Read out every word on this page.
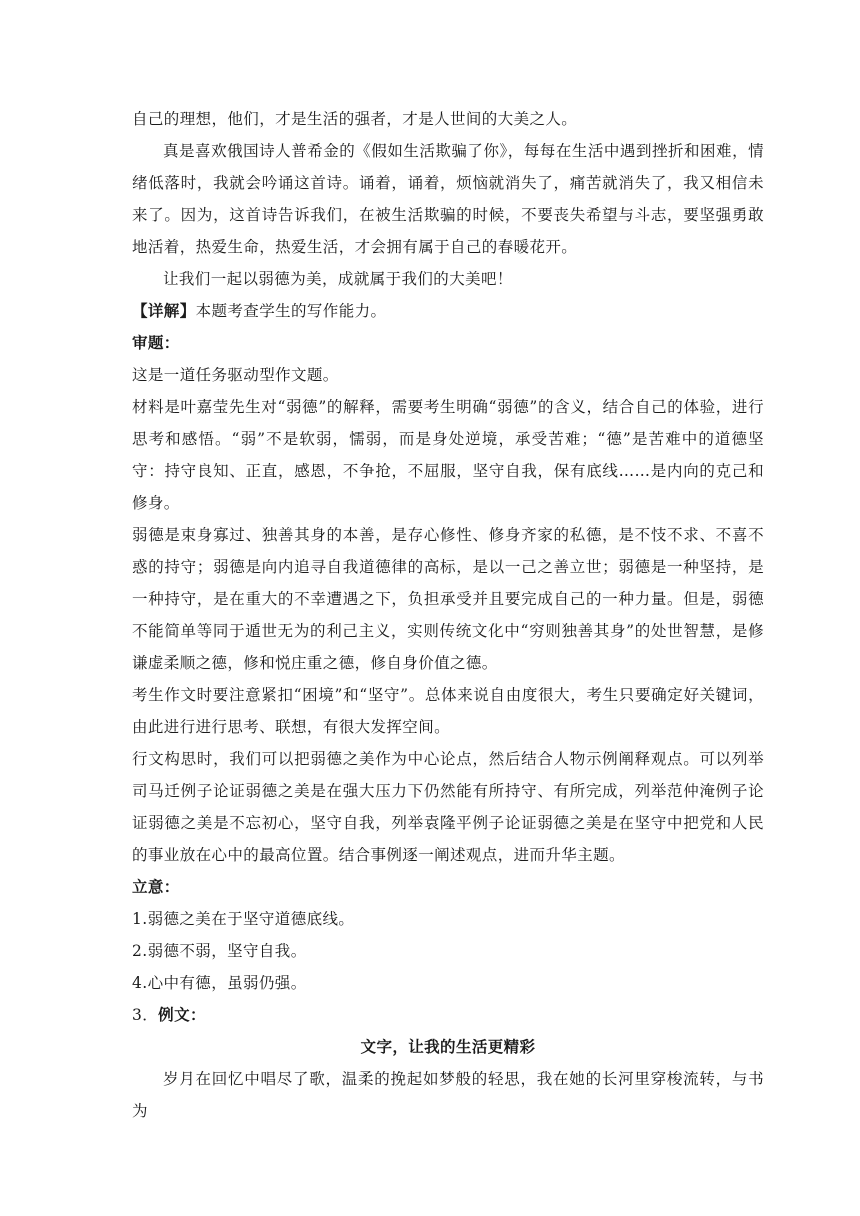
自己的理想，他们，才是生活的强者，才是人世间的大美之人。

真是喜欢俄国诗人普希金的《假如生活欺骗了你》，每每在生活中遇到挫折和困难，情绪低落时，我就会吟诵这首诗。诵着，诵着，烦恼就消失了，痛苦就消失了，我又相信未来了。因为，这首诗告诉我们，在被生活欺骗的时候，不要丧失希望与斗志，要坚强勇敢地活着，热爱生命，热爱生活，才会拥有属于自己的春暖花开。

让我们一起以弱德为美，成就属于我们的大美吧！

【详解】本题考查学生的写作能力。

审题：

这是一道任务驱动型作文题。

材料是叶嘉莹先生对“弱德”的解释，需要考生明确“弱德”的含义，结合自己的体验，进行思考和感悟。“弱”不是软弱，懦弱，而是身处逆境，承受苦难；“德”是苦难中的道德坚守：持守良知、正直，感恩，不争抢，不屈服，坚守自我，保有底线……是内向的克己和修身。

弱德是束身寡过、独善其身的本善，是存心修性、修身齐家的私德，是不忮不求、不喜不惑的持守；弱德是向内追寻自我道德律的高标，是以一己之善立世；弱德是一种坚持，是一种持守，是在重大的不幸遭遇之下，负担承受并且要完成自己的一种力量。但是，弱德不能简单等同于遁世无为的利己主义，实则传统文化中“穷则独善其身”的处世智慧，是修谦虚柔顺之德，修和悦庄重之德，修自身价值之德。

考生作文时要注意紧扣“困境”和“坚守”。总体来说自由度很大，考生只要确定好关键词，由此进行进行思考、联想，有很大发挥空间。

行文构思时，我们可以把弱德之美作为中心论点，然后结合人物示例阐释观点。可以列举司马迁例子论证弱德之美是在强大压力下仍然能有所持守、有所完成，列举范仲淹例子论证弱德之美是不忘初心，坚守自我，列举袁隆平例子论证弱德之美是在坚守中把党和人民的事业放在心中的最高位置。结合事例逐一阐述观点，进而升华主题。

立意：

1.弱德之美在于坚守道德底线。

2.弱德不弱，坚守自我。

4.心中有德，虽弱仍强。

3．例文：

文字，让我的生活更精彩

岁月在回忆中唱尽了歌，温柔的挽起如梦般的轻思，我在她的长河里穿梭流转，与书为
